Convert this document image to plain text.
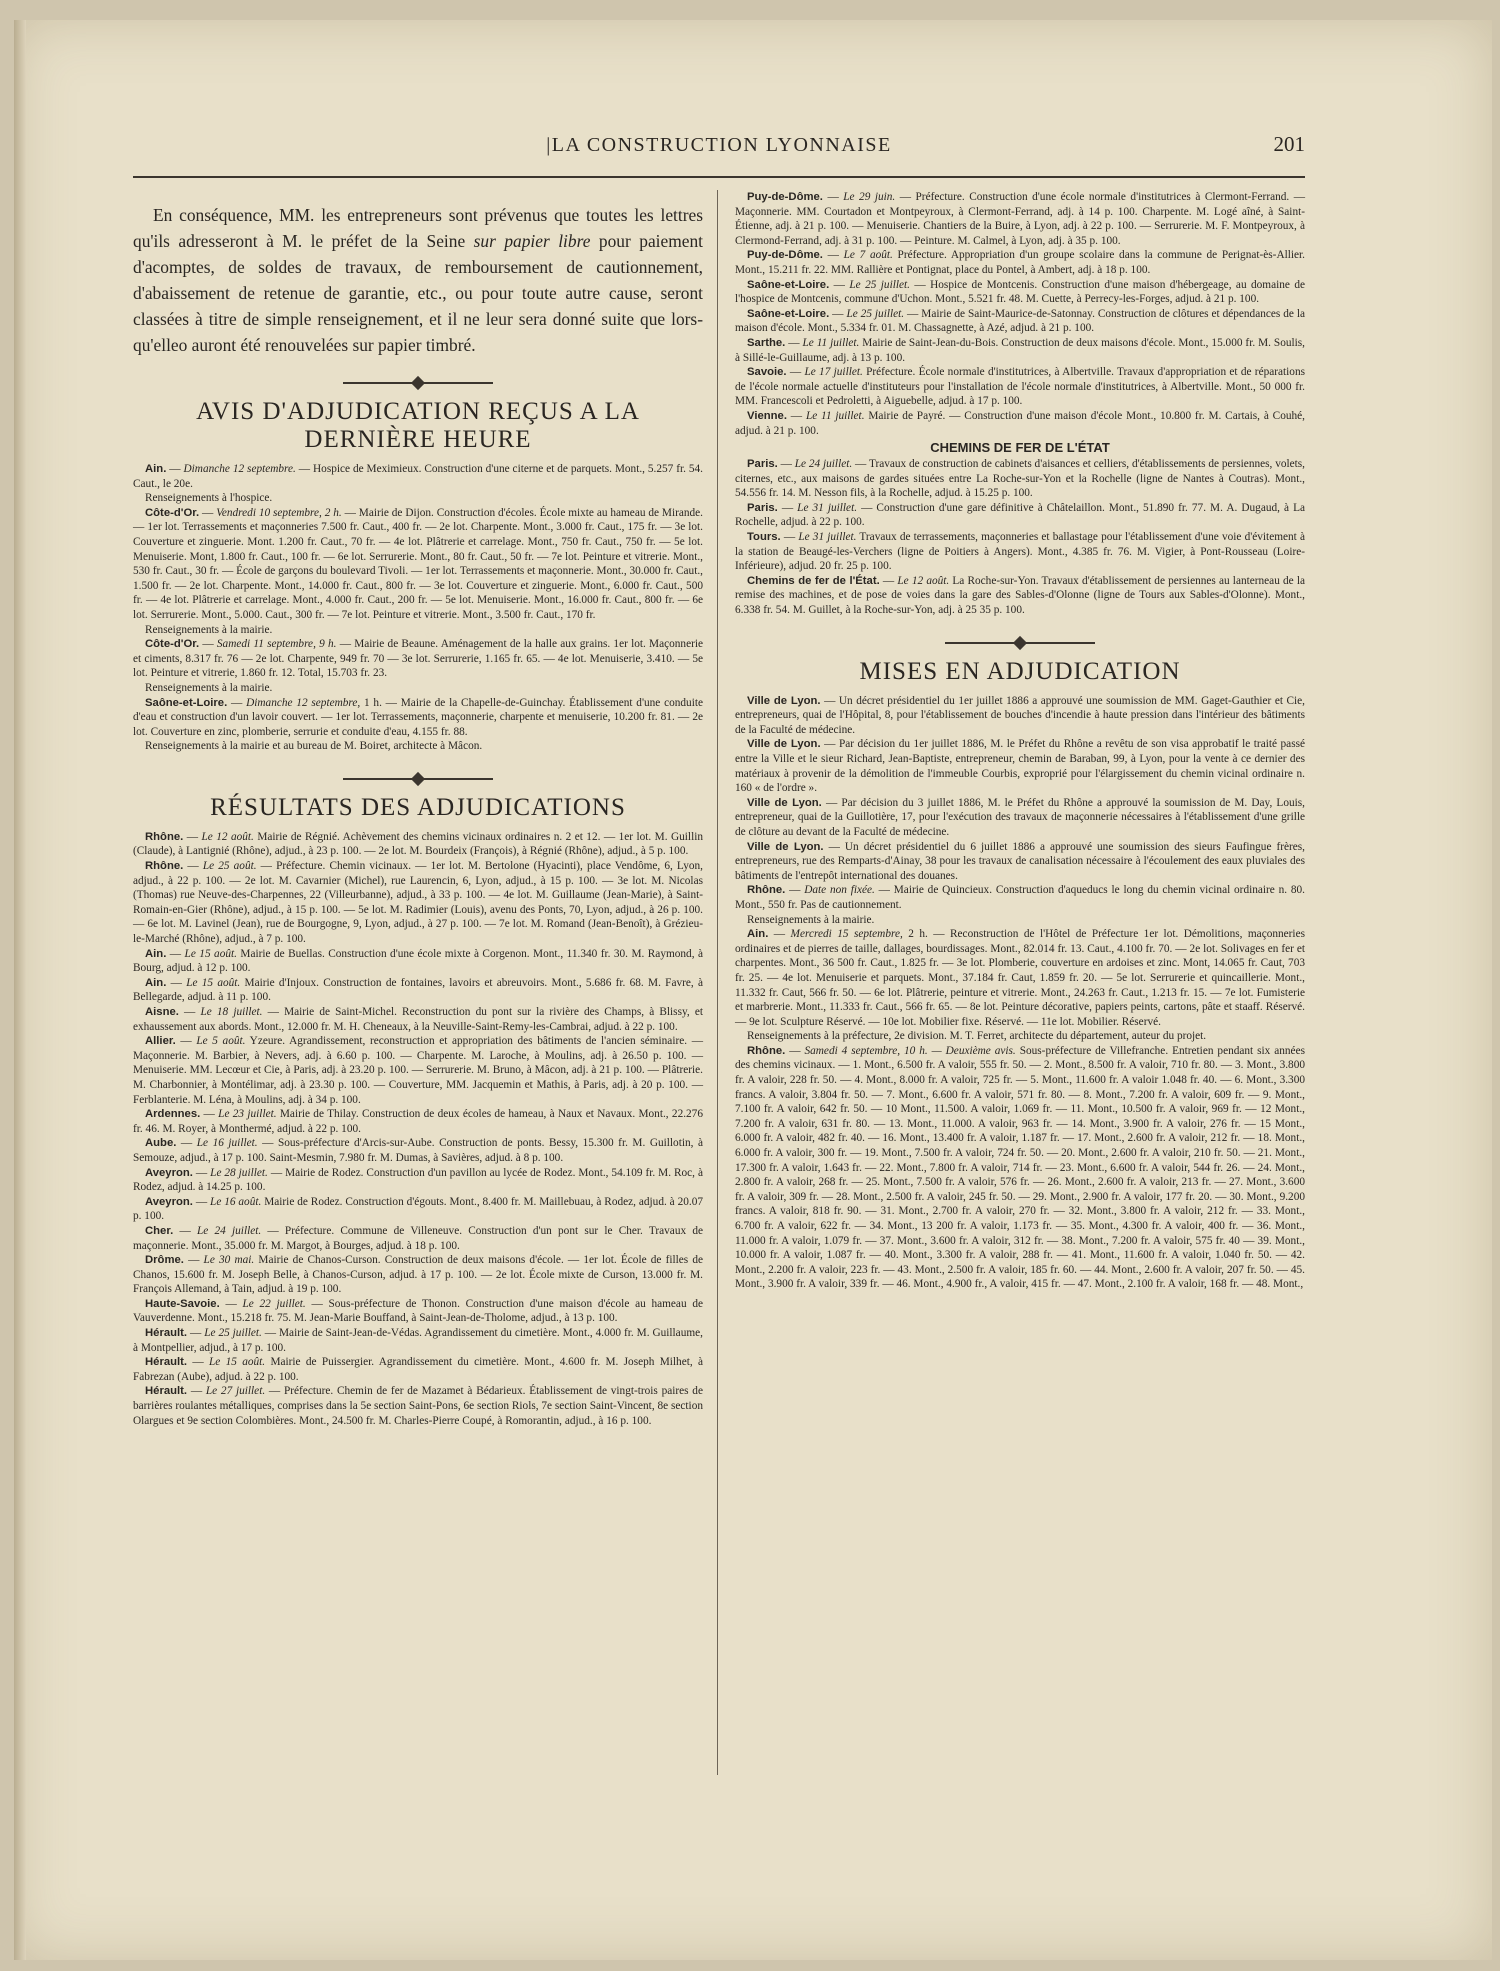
|LA CONSTRUCTION LYONNAISE	201

En conséquence, MM. les entrepreneurs sont prévenus que toutes les lettres qu'ils adresseront à M. le préfet de la Seine sur papier libre pour paiement d'acomptes, de soldes de travaux, de remboursement de cautionnement, d'abaissement de retenue de garantie, etc., ou pour toute autre cause, seront classées à titre de simple renseignement, et il ne leur sera donné suite que lors-qu'elleo auront été renouvelées sur papier timbré.

AVIS D'ADJUDICATION REÇUS A LA DERNIÈRE HEURE

Ain. — Dimanche 12 septembre. — Hospice de Meximieux. Construction d'une citerne et de parquets. Mont., 5.257 fr. 54. Caut., le 20e.

Renseignements à l'hospice.

Côte-d'Or. — Vendredi 10 septembre, 2 h. — Mairie de Dijon. Construction d'écoles. École mixte au hameau de Mirande. — 1er lot. Terrassements et maçonneries 7.500 fr. Caut., 400 fr. — 2e lot. Charpente. Mont., 3.000 fr. Caut., 175 fr. — 3e lot. Couverture et zinguerie. Mont. 1.200 fr. Caut., 70 fr. — 4e lot. Plâtrerie et carrelage. Mont., 750 fr. Caut., 750 fr. — 5e lot. Menuiserie. Mont, 1.800 fr. Caut., 100 fr. — 6e lot. Serrurerie. Mont., 80 fr. Caut., 50 fr. — 7e lot. Peinture et vitrerie. Mont., 530 fr. Caut., 30 fr. — École de garçons du boulevard Tivoli. — 1er lot. Terrassements et maçonnerie. Mont., 30.000 fr. Caut., 1.500 fr. — 2e lot. Charpente. Mont., 14.000 fr. Caut., 800 fr. — 3e lot. Couverture et zinguerie. Mont., 6.000 fr. Caut., 500 fr. — 4e lot. Plâtrerie et carrelage. Mont., 4.000 fr. Caut., 200 fr. — 5e lot. Menuiserie. Mont., 16.000 fr. Caut., 800 fr. — 6e lot. Serrurerie. Mont., 5.000. Caut., 300 fr. — 7e lot. Peinture et vitrerie. Mont., 3.500 fr. Caut., 170 fr.

Renseignements à la mairie.

Côte-d'Or. — Samedi 11 septembre, 9 h. — Mairie de Beaune. Aménagement de la halle aux grains. 1er lot. Maçonnerie et ciments, 8.317 fr. 76 — 2e lot. Charpente, 949 fr. 70 — 3e lot. Serrurerie, 1.165 fr. 65. — 4e lot. Menuiserie, 3.410. — 5e lot. Peinture et vitrerie, 1.860 fr. 12. Total, 15.703 fr. 23.

Renseignements à la mairie.

Saône-et-Loire. — Dimanche 12 septembre, 1 h. — Mairie de la Chapelle-de-Guinchay. Établissement d'une conduite d'eau et construction d'un lavoir couvert. — 1er lot. Terrassements, maçonnerie, charpente et menuiserie, 10.200 fr. 81. — 2e lot. Couverture en zinc, plomberie, serrurie et conduite d'eau, 4.155 fr. 88.

Renseignements à la mairie et au bureau de M. Boiret, architecte à Mâcon.

RÉSULTATS DES ADJUDICATIONS

Rhône. — Le 12 août. Mairie de Régnié. Achèvement des chemins vicinaux ordinaires n. 2 et 12. — 1er lot. M. Guillin (Claude), à Lantignié (Rhône), adjud., à 23 p. 100. — 2e lot. M. Bourdeix (François), à Régnié (Rhône), adjud., à 5 p. 100.

Rhône. — Le 25 août. — Préfecture. Chemin vicinaux. — 1er lot. M. Bertolone (Hyacinti), place Vendôme, 6, Lyon, adjud., à 22 p. 100. — 2e lot. M. Cavarnier (Michel), rue Laurencin, 6, Lyon, adjud., à 15 p. 100. — 3e lot. M. Nicolas (Thomas) rue Neuve-des-Charpennes, 22 (Villeurbanne), adjud., à 33 p. 100. — 4e lot. M. Guillaume (Jean-Marie), à Saint-Romain-en-Gier (Rhône), adjud., à 15 p. 100. — 5e lot. M. Radimier (Louis), avenu des Ponts, 70, Lyon, adjud., à 26 p. 100. — 6e lot. M. Lavinel (Jean), rue de Bourgogne, 9, Lyon, adjud., à 27 p. 100. — 7e lot. M. Romand (Jean-Benoît), à Grézieu-le-Marché (Rhône), adjud., à 7 p. 100.

Ain. — Le 15 août. Mairie de Buellas. Construction d'une école mixte à Corgenon. Mont., 11.340 fr. 30. M. Raymond, à Bourg, adjud. à 12 p. 100.

Ain. — Le 15 août. Mairie d'Injoux. Construction de fontaines, lavoirs et abreuvoirs. Mont., 5.686 fr. 68. M. Favre, à Bellegarde, adjud. à 11 p. 100.

Aisne. — Le 18 juillet. — Mairie de Saint-Michel. Reconstruction du pont sur la rivière des Champs, à Blissy, et exhaussement aux abords. Mont., 12.000 fr. M. H. Cheneaux, à la Neuville-Saint-Remy-les-Cambrai, adjud. à 22 p. 100.

Allier. — Le 5 août. Yzeure. Agrandissement, reconstruction et appropriation des bâtiments de l'ancien séminaire. — Maçonnerie. M. Barbier, à Nevers, adj. à 6.60 p. 100. — Charpente. M. Laroche, à Moulins, adj. à 26.50 p. 100. — Menuiserie. MM. Lecœur et Cie, à Paris, adj. à 23.20 p. 100. — Serrurerie. M. Bruno, à Mâcon, adj. à 21 p. 100. — Plâtrerie. M. Charbonnier, à Montélimar, adj. à 23.30 p. 100. — Couverture, MM. Jacquemin et Mathis, à Paris, adj. à 20 p. 100. — Ferblanterie. M. Léna, à Moulins, adj. à 34 p. 100.

Ardennes. — Le 23 juillet. Mairie de Thilay. Construction de deux écoles de hameau, à Naux et Navaux. Mont., 22.276 fr. 46. M. Royer, à Monthermé, adjud. à 22 p. 100.

Aube. — Le 16 juillet. — Sous-préfecture d'Arcis-sur-Aube. Construction de ponts. Bessy, 15.300 fr. M. Guillotin, à Semouze, adjud., à 17 p. 100. Saint-Mesmin, 7.980 fr. M. Dumas, à Savières, adjud. à 8 p. 100.

Aveyron. — Le 28 juillet. — Mairie de Rodez. Construction d'un pavillon au lycée de Rodez. Mont., 54.109 fr. M. Roc, à Rodez, adjud. à 14.25 p. 100.

Aveyron. — Le 16 août. Mairie de Rodez. Construction d'égouts. Mont., 8.400 fr. M. Maillebuau, à Rodez, adjud. à 20.07 p. 100.

Cher. — Le 24 juillet. — Préfecture. Commune de Villeneuve. Construction d'un pont sur le Cher. Travaux de maçonnerie. Mont., 35.000 fr. M. Margot, à Bourges, adjud. à 18 p. 100.

Drôme. — Le 30 mai. Mairie de Chanos-Curson. Construction de deux maisons d'école. — 1er lot. École de filles de Chanos, 15.600 fr. M. Joseph Belle, à Chanos-Curson, adjud. à 17 p. 100. — 2e lot. École mixte de Curson, 13.000 fr. M. François Allemand, à Tain, adjud. à 19 p. 100.

Haute-Savoie. — Le 22 juillet. — Sous-préfecture de Thonon. Construction d'une maison d'école au hameau de Vauverdenne. Mont., 15.218 fr. 75. M. Jean-Marie Bouffand, à Saint-Jean-de-Tholome, adjud., à 13 p. 100.

Hérault. — Le 25 juillet. — Mairie de Saint-Jean-de-Védas. Agrandissement du cimetière. Mont., 4.000 fr. M. Guillaume, à Montpellier, adjud., à 17 p. 100.

Hérault. — Le 15 août. Mairie de Puissergier. Agrandissement du cimetière. Mont., 4.600 fr. M. Joseph Milhet, à Fabrezan (Aube), adjud. à 22 p. 100.

Hérault. — Le 27 juillet. — Préfecture. Chemin de fer de Mazamet à Bédarieux. Établissement de vingt-trois paires de barrières roulantes métalliques, comprises dans la 5e section Saint-Pons, 6e section Riols, 7e section Saint-Vincent, 8e section Olargues et 9e section Colombières. Mont., 24.500 fr. M. Charles-Pierre Coupé, à Romorantin, adjud., à 16 p. 100.

Puy-de-Dôme. — Le 29 juin. — Préfecture. Construction d'une école normale d'institutrices à Clermont-Ferrand. — Maçonnerie. MM. Courtadon et Montpeyroux, à Clermont-Ferrand, adj. à 14 p. 100. Charpente. M. Logé aîné, à Saint-Étienne, adj. à 21 p. 100. — Menuiserie. Chantiers de la Buire, à Lyon, adj. à 22 p. 100. — Serrurerie. M. F. Montpeyroux, à Clermond-Ferrand, adj. à 31 p. 100. — Peinture. M. Calmel, à Lyon, adj. à 35 p. 100.

Puy-de-Dôme. — Le 7 août. Préfecture. Appropriation d'un groupe scolaire dans la commune de Perignat-ès-Allier. Mont., 15.211 fr. 22. MM. Rallière et Pontignat, place du Pontel, à Ambert, adj. à 18 p. 100.

Saône-et-Loire. — Le 25 juillet. — Hospice de Montcenis. Construction d'une maison d'hébergeage, au domaine de l'hospice de Montcenis, commune d'Uchon. Mont., 5.521 fr. 48. M. Cuette, à Perrecy-les-Forges, adjud. à 21 p. 100.

Saône-et-Loire. — Le 25 juillet. — Mairie de Saint-Maurice-de-Satonnay. Construction de clôtures et dépendances de la maison d'école. Mont., 5.334 fr. 01. M. Chassagnette, à Azé, adjud. à 21 p. 100.

Sarthe. — Le 11 juillet. Mairie de Saint-Jean-du-Bois. Construction de deux maisons d'école. Mont., 15.000 fr. M. Soulis, à Sillé-le-Guillaume, adj. à 13 p. 100.

Savoie. — Le 17 juillet. Préfecture. École normale d'institutrices, à Albertville. Travaux d'appropriation et de réparations de l'école normale actuelle d'instituteurs pour l'installation de l'école normale d'institutrices, à Albertville. Mont., 50 000 fr. MM. Francescoli et Pedroletti, à Aiguebelle, adjud. à 17 p. 100.

Vienne. — Le 11 juillet. Mairie de Payré. — Construction d'une maison d'école Mont., 10.800 fr. M. Cartais, à Couhé, adjud. à 21 p. 100.

CHEMINS DE FER DE L'ÉTAT

Paris. — Le 24 juillet. — Travaux de construction de cabinets d'aisances et celliers, d'établissements de persiennes, volets, citernes, etc., aux maisons de gardes situées entre La Roche-sur-Yon et la Rochelle (ligne de Nantes à Coutras). Mont., 54.556 fr. 14. M. Nesson fils, à la Rochelle, adjud. à 15.25 p. 100.

Paris. — Le 31 juillet. — Construction d'une gare définitive à Châtelaillon. Mont., 51.890 fr. 77. M. A. Dugaud, à La Rochelle, adjud. à 22 p. 100.

Tours. — Le 31 juillet. Travaux de terrassements, maçonneries et ballastage pour l'établissement d'une voie d'évitement à la station de Beaugé-les-Verchers (ligne de Poitiers à Angers). Mont., 4.385 fr. 76. M. Vigier, à Pont-Rousseau (Loire-Inférieure), adjud. 20 fr. 25 p. 100.

Chemins de fer de l'État. — Le 12 août. La Roche-sur-Yon. Travaux d'établissement de persiennes au lanterneau de la remise des machines, et de pose de voies dans la gare des Sables-d'Olonne (ligne de Tours aux Sables-d'Olonne). Mont., 6.338 fr. 54. M. Guillet, à la Roche-sur-Yon, adj. à 25 35 p. 100.

MISES EN ADJUDICATION

Ville de Lyon. — Un décret présidentiel du 1er juillet 1886 a approuvé une soumission de MM. Gaget-Gauthier et Cie, entrepreneurs, quai de l'Hôpital, 8, pour l'établissement de bouches d'incendie à haute pression dans l'intérieur des bâtiments de la Faculté de médecine.

Ville de Lyon. — Par décision du 1er juillet 1886, M. le Préfet du Rhône a revêtu de son visa approbatif le traité passé entre la Ville et le sieur Richard, Jean-Baptiste, entrepreneur, chemin de Baraban, 99, à Lyon, pour la vente à ce dernier des matériaux à provenir de la démolition de l'immeuble Courbis, exproprié pour l'élargissement du chemin vicinal ordinaire n. 160 « de l'ordre ».

Ville de Lyon. — Par décision du 3 juillet 1886, M. le Préfet du Rhône a approuvé la soumission de M. Day, Louis, entrepreneur, quai de la Guillotière, 17, pour l'exécution des travaux de maçonnerie nécessaires à l'établissement d'une grille de clôture au devant de la Faculté de médecine.

Ville de Lyon. — Un décret présidentiel du 6 juillet 1886 a approuvé une soumission des sieurs Faufingue frères, entrepreneurs, rue des Remparts-d'Ainay, 38 pour les travaux de canalisation nécessaire à l'écoulement des eaux pluviales des bâtiments de l'entrepôt international des douanes.

Rhône. — Date non fixée. — Mairie de Quincieux. Construction d'aqueducs le long du chemin vicinal ordinaire n. 80. Mont., 550 fr. Pas de cautionnement.

Renseignements à la mairie.

Ain. — Mercredi 15 septembre, 2 h. — Reconstruction de l'Hôtel de Préfecture 1er lot. Démolitions, maçonneries ordinaires et de pierres de taille, dallages, bourdissages. Mont., 82.014 fr. 13. Caut., 4.100 fr. 70. — 2e lot. Solivages en fer et charpentes. Mont., 36 500 fr. Caut., 1.825 fr. — 3e lot. Plomberie, couverture en ardoises et zinc. Mont, 14.065 fr. Caut, 703 fr. 25. — 4e lot. Menuiserie et parquets. Mont., 37.184 fr. Caut, 1.859 fr. 20. — 5e lot. Serrurerie et quincaillerie. Mont., 11.332 fr. Caut, 566 fr. 50. — 6e lot. Plâtrerie, peinture et vitrerie. Mont., 24.263 fr. Caut., 1.213 fr. 15. — 7e lot. Fumisterie et marbrerie. Mont., 11.333 fr. Caut., 566 fr. 65. — 8e lot. Peinture décorative, papiers peints, cartons, pâte et staaff. Réservé. — 9e lot. Sculpture Réservé. — 10e lot. Mobilier fixe. Réservé. — 11e lot. Mobilier. Réservé.

Renseignements à la préfecture, 2e division. M. T. Ferret, architecte du département, auteur du projet.

Rhône. — Samedi 4 septembre, 10 h. — Deuxième avis. Sous-préfecture de Villefranche. Entretien pendant six années des chemins vicinaux. — 1. Mont., 6.500 fr. A valoir, 555 fr. 50. — 2. Mont., 8.500 fr. A valoir, 710 fr. 80. — 3. Mont., 3.800 fr. A valoir, 228 fr. 50. — 4. Mont., 8.000 fr. A valoir, 725 fr. — 5. Mont., 11.600 fr. A valoir 1.048 fr. 40. — 6. Mont., 3.300 francs. A valoir, 3.804 fr. 50. — 7. Mont., 6.600 fr. A valoir, 571 fr. 80. — 8. Mont., 7.200 fr. A valoir, 609 fr. — 9. Mont., 7.100 fr. A valoir, 642 fr. 50. — 10 Mont., 11.500. A valoir, 1.069 fr. — 11. Mont., 10.500 fr. A valoir, 969 fr. — 12 Mont., 7.200 fr. A valoir, 631 fr. 80. — 13. Mont., 11.000. A valoir, 963 fr. — 14. Mont., 3.900 fr. A valoir, 276 fr. — 15 Mont., 6.000 fr. A valoir, 482 fr. 40. — 16. Mont., 13.400 fr. A valoir, 1.187 fr. — 17. Mont., 2.600 fr. A valoir, 212 fr. — 18. Mont., 6.000 fr. A valoir, 300 fr. — 19. Mont., 7.500 fr. A valoir, 724 fr. 50. — 20. Mont., 2.600 fr. A valoir, 210 fr. 50. — 21. Mont., 17.300 fr. A valoir, 1.643 fr. — 22. Mont., 7.800 fr. A valoir, 714 fr. — 23. Mont., 6.600 fr. A valoir, 544 fr. 26. — 24. Mont., 2.800 fr. A valoir, 268 fr. — 25. Mont., 7.500 fr. A valoir, 576 fr. — 26. Mont., 2.600 fr. A valoir, 213 fr. — 27. Mont., 3.600 fr. A valoir, 309 fr. — 28. Mont., 2.500 fr. A valoir, 245 fr. 50. — 29. Mont., 2.900 fr. A valoir, 177 fr. 20. — 30. Mont., 9.200 francs. A valoir, 818 fr. 90. — 31. Mont., 2.700 fr. A valoir, 270 fr. — 32. Mont., 3.800 fr. A valoir, 212 fr. — 33. Mont., 6.700 fr. A valoir, 622 fr. — 34. Mont., 13 200 fr. A valoir, 1.173 fr. — 35. Mont., 4.300 fr. A valoir, 400 fr. — 36. Mont., 11.000 fr. A valoir, 1.079 fr. — 37. Mont., 3.600 fr. A valoir, 312 fr. — 38. Mont., 7.200 fr. A valoir, 575 fr. 40 — 39. Mont., 10.000 fr. A valoir, 1.087 fr. — 40. Mont., 3.300 fr. A valoir, 288 fr. — 41. Mont., 11.600 fr. A valoir, 1.040 fr. 50. — 42. Mont., 2.200 fr. A valoir, 223 fr. — 43. Mont., 2.500 fr. A valoir, 185 fr. 60. — 44. Mont., 2.600 fr. A valoir, 207 fr. 50. — 45. Mont., 3.900 fr. A valoir, 339 fr. — 46. Mont., 4.900 fr., A valoir, 415 fr. — 47. Mont., 2.100 fr. A valoir, 168 fr. — 48. Mont.,
